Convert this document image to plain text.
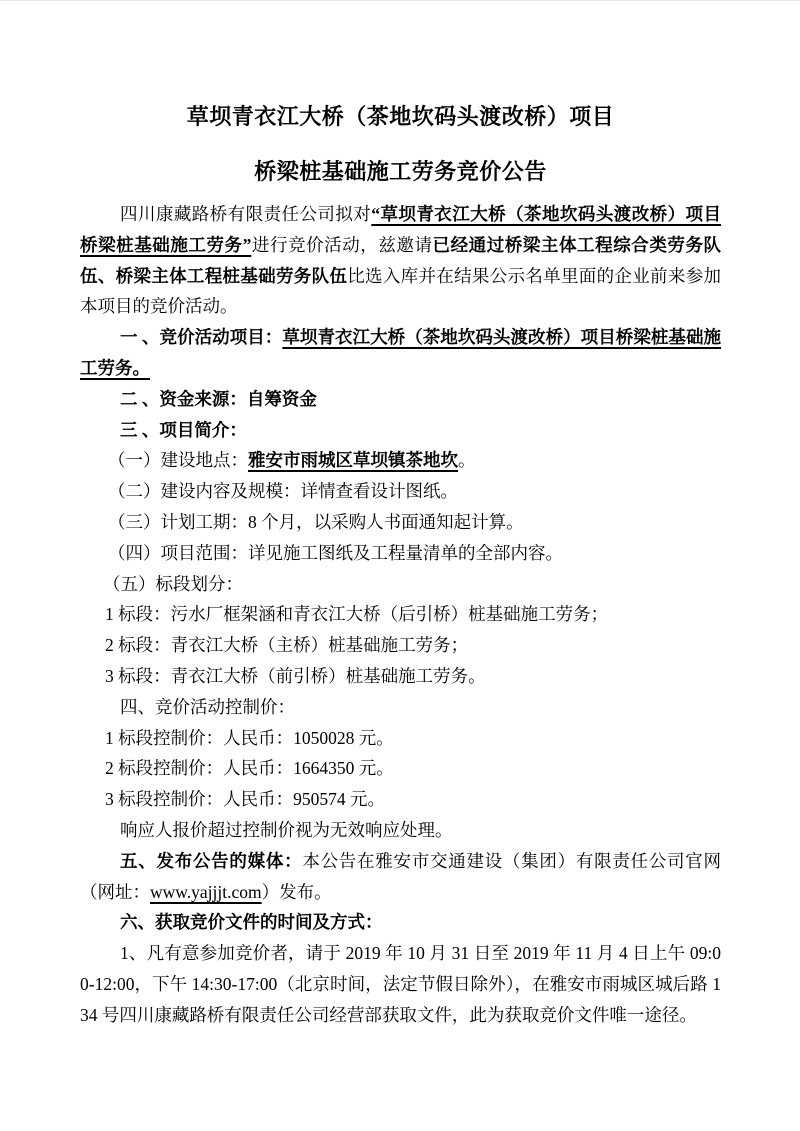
草坝青衣江大桥（茶地坎码头渡改桥）项目
桥梁桩基础施工劳务竞价公告

四川康藏路桥有限责任公司拟对“草坝青衣江大桥（茶地坎码头渡改桥）项目桥梁桩基础施工劳务”进行竞价活动，兹邀请已经通过桥梁主体工程综合类劳务队伍、桥梁主体工程桩基础劳务队伍比选入库并在结果公示名单里面的企业前来参加本项目的竞价活动。

一 、竞价活动项目：草坝青衣江大桥（茶地坎码头渡改桥）项目桥梁桩基础施工劳务。

二 、资金来源：自筹资金

三 、项目简介：

（一）建设地点：雅安市雨城区草坝镇茶地坎。

（二）建设内容及规模：详情查看设计图纸。

（三）计划工期：8 个月，以采购人书面通知起计算。

（四）项目范围：详见施工图纸及工程量清单的全部内容。

（五）标段划分：

1 标段：污水厂框架涵和青衣江大桥（后引桥）桩基础施工劳务；

2 标段：青衣江大桥（主桥）桩基础施工劳务；

3 标段：青衣江大桥（前引桥）桩基础施工劳务。

四、竞价活动控制价：

1 标段控制价：人民币：1050028 元。

2 标段控制价：人民币：1664350 元。

3 标段控制价：人民币：950574 元。

响应人报价超过控制价视为无效响应处理。

五、发布公告的媒体：本公告在雅安市交通建设（集团）有限责任公司官网（网址：www.yajjjt.com）发布。

六、获取竞价文件的时间及方式：

1、凡有意参加竞价者，请于 2019 年 10 月 31 日至 2019 年 11 月 4 日上午 09:00-12:00，下午 14:30-17:00（北京时间，法定节假日除外），在雅安市雨城区城后路 134 号四川康藏路桥有限责任公司经营部获取文件，此为获取竞价文件唯一途径。
